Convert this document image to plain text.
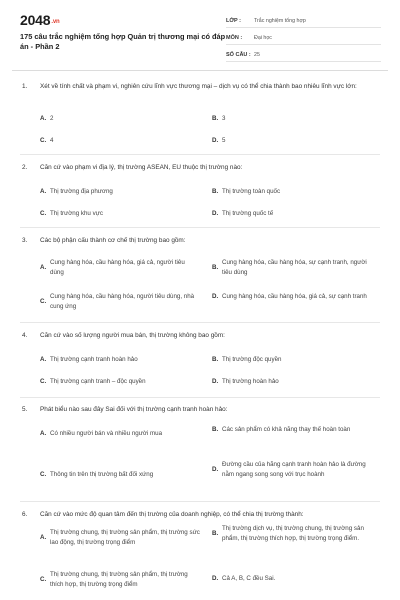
2048.vn
175 câu trắc nghiệm tổng hợp Quản trị thương mại có đáp án - Phần 2
LỚP :	Trắc nghiệm tổng hợp
MÔN :	Đại học
SỐ CÂU : 25
1.	Xét về tính chất và phạm vi, nghiên cứu lĩnh vực thương mại – dịch vụ có thể chia thành bao nhiêu lĩnh vực lớn:
A. 2	B. 3
C. 4	D. 5
2.	Căn cứ vào phạm vi địa lý, thị trường ASEAN, EU thuộc thị trường nào:
A. Thị trường địa phương	B. Thị trường toàn quốc
C. Thị trường khu vực	D. Thị trường quốc tế
3.	Các bộ phận cấu thành cơ chế thị trường bao gồm:
A.
Cung hàng hóa, cầu hàng hóa, giá cả, người tiêu dùng
B.
Cung hàng hóa, cầu hàng hóa, sự cạnh tranh, người tiêu dùng
C.
Cung hàng hóa, cầu hàng hóa, người tiêu dùng, nhà cung ứng
D. Cung hàng hóa, cầu hàng hóa, giá cả, sự cạnh tranh
4.	Căn cứ vào số lượng người mua bán, thị trường không bao gồm:
A. Thị trường cạnh tranh hoàn hảo	B. Thị trường độc quyền
C. Thị trường cạnh tranh – độc quyền	D. Thị trường hoàn hảo
5.	Phát biểu nào sau đây Sai đối với thị trường cạnh tranh hoàn hảo:
A. Có nhiều người bán và nhiều người mua
B. Các sản phẩm có khả năng thay thế hoàn toàn
C. Thông tin trên thị trường bất đối xứng
D.
Đường cầu của hãng cạnh tranh hoàn hảo là đường nằm ngang song song với trục hoành
6.	Căn cứ vào mức độ quan tâm đến thị trường của doanh nghiệp, có thể chia thị trường thành:
A.
Thị trường chung, thị trường sản phẩm, thị trường sức lao động, thị trường trọng điểm
B.
Thị trường dịch vụ, thị trường chung, thị trường sản phẩm, thị trường thích hợp, thị trường trọng điểm.
C.
Thị trường chung, thị trường sản phẩm, thị trường thích hợp, thị trường trọng điểm
D. Cả A, B, C đều Sai.
